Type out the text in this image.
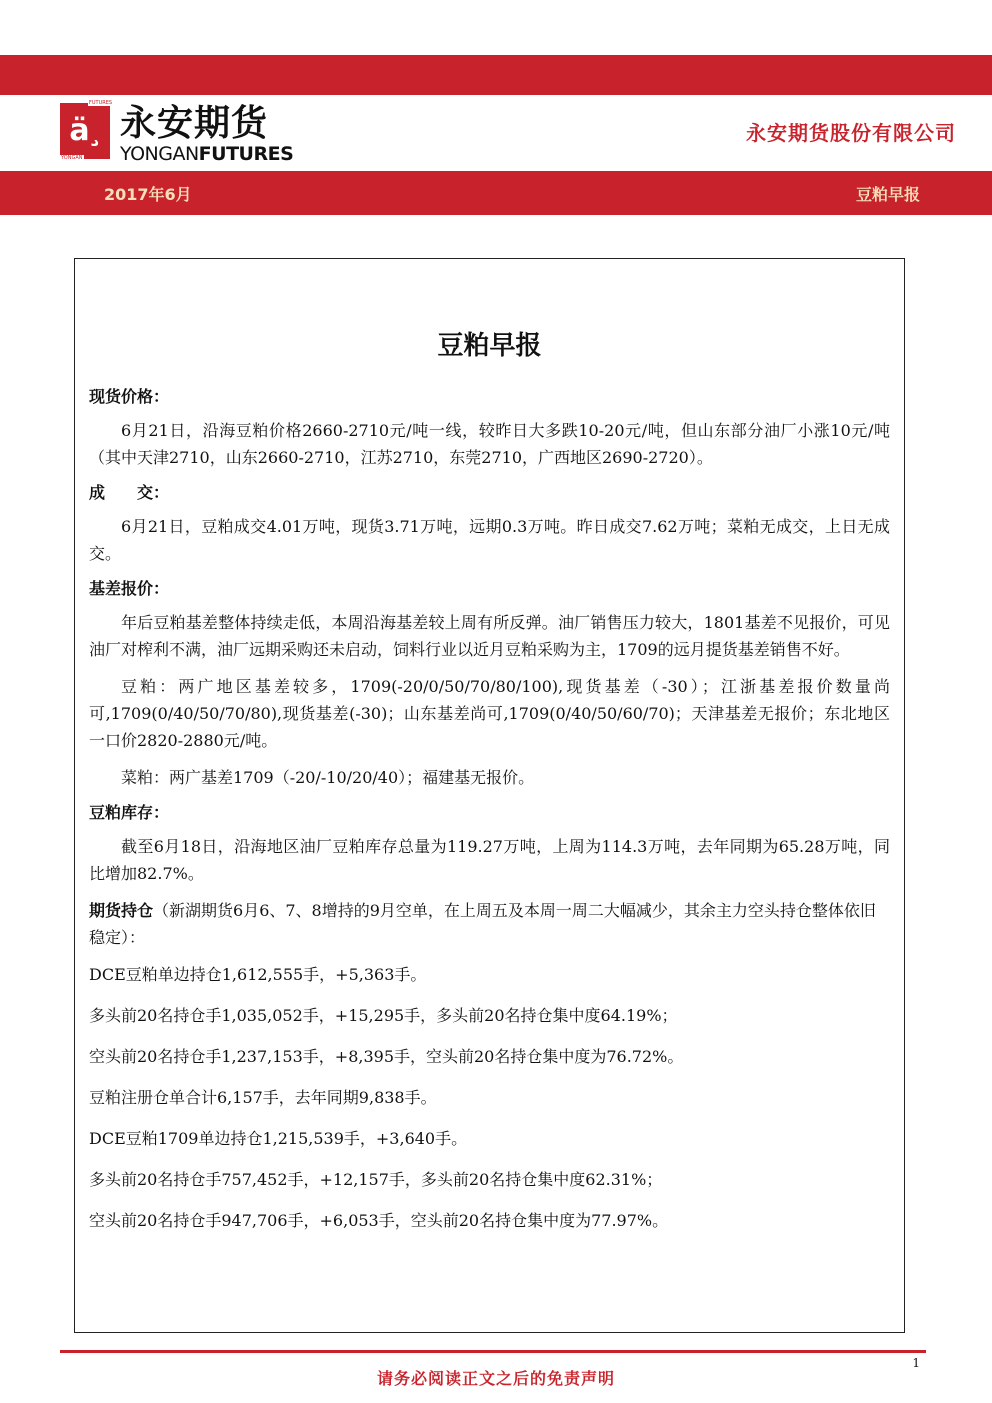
FUTURES
ä¸
YONGAN
永安期货
YONGANFUTURES
永安期货股份有限公司
2017年6月	豆粕早报
豆粕早报
现货价格：

6月21日，沿海豆粕价格2660-2710元/吨一线，较昨日大多跌10-20元/吨，但山东部分油厂小涨10元/吨（其中天津2710，山东2660-2710，江苏2710，东莞2710，广西地区2690-2720）。

成　　交：

6月21日，豆粕成交4.01万吨，现货3.71万吨，远期0.3万吨。昨日成交7.62万吨；菜粕无成交，上日无成交。

基差报价：

年后豆粕基差整体持续走低，本周沿海基差较上周有所反弹。油厂销售压力较大，1801基差不见报价，可见油厂对榨利不满，油厂远期采购还未启动，饲料行业以近月豆粕采购为主，1709的远月提货基差销售不好。

豆粕：两广地区基差较多，1709(-20/0/50/70/80/100),现货基差（-30）；江浙基差报价数量尚可,1709(0/40/50/70/80),现货基差(-30)；山东基差尚可,1709(0/40/50/60/70)；天津基差无报价；东北地区一口价2820-2880元/吨。

菜粕：两广基差1709（-20/-10/20/40）；福建基无报价。

豆粕库存：

截至6月18日，沿海地区油厂豆粕库存总量为119.27万吨，上周为114.3万吨，去年同期为65.28万吨，同比增加82.7%。

期货持仓（新湖期货6月6、7、8增持的9月空单，在上周五及本周一周二大幅减少，其余主力空头持仓整体依旧稳定）：

DCE豆粕单边持仓1,612,555手，+5,363手。

多头前20名持仓手1,035,052手，+15,295手，多头前20名持仓集中度64.19%；

空头前20名持仓手1,237,153手，+8,395手，空头前20名持仓集中度为76.72%。

豆粕注册仓单合计6,157手，去年同期9,838手。

DCE豆粕1709单边持仓1,215,539手，+3,640手。

多头前20名持仓手757,452手，+12,157手，多头前20名持仓集中度62.31%；

空头前20名持仓手947,706手，+6,053手，空头前20名持仓集中度为77.97%。

1
请务必阅读正文之后的免责声明
